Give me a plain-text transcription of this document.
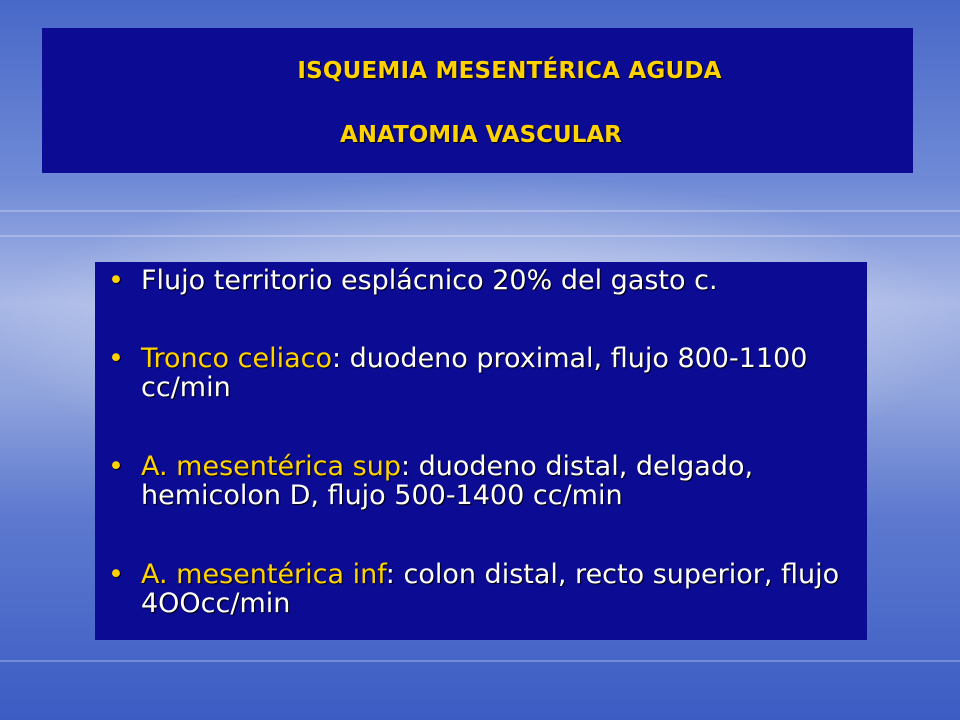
ISQUEMIA MESENTÉRICA AGUDA
ANATOMIA VASCULAR
• Flujo territorio esplácnico 20% del gasto c.
• Tronco celiaco: duodeno proximal, flujo 800-1100 cc/min
• A. mesentérica sup: duodeno distal, delgado, hemicolon D, flujo 500-1400 cc/min
• A. mesentérica inf: colon distal, recto superior, flujo 4OOcc/min
